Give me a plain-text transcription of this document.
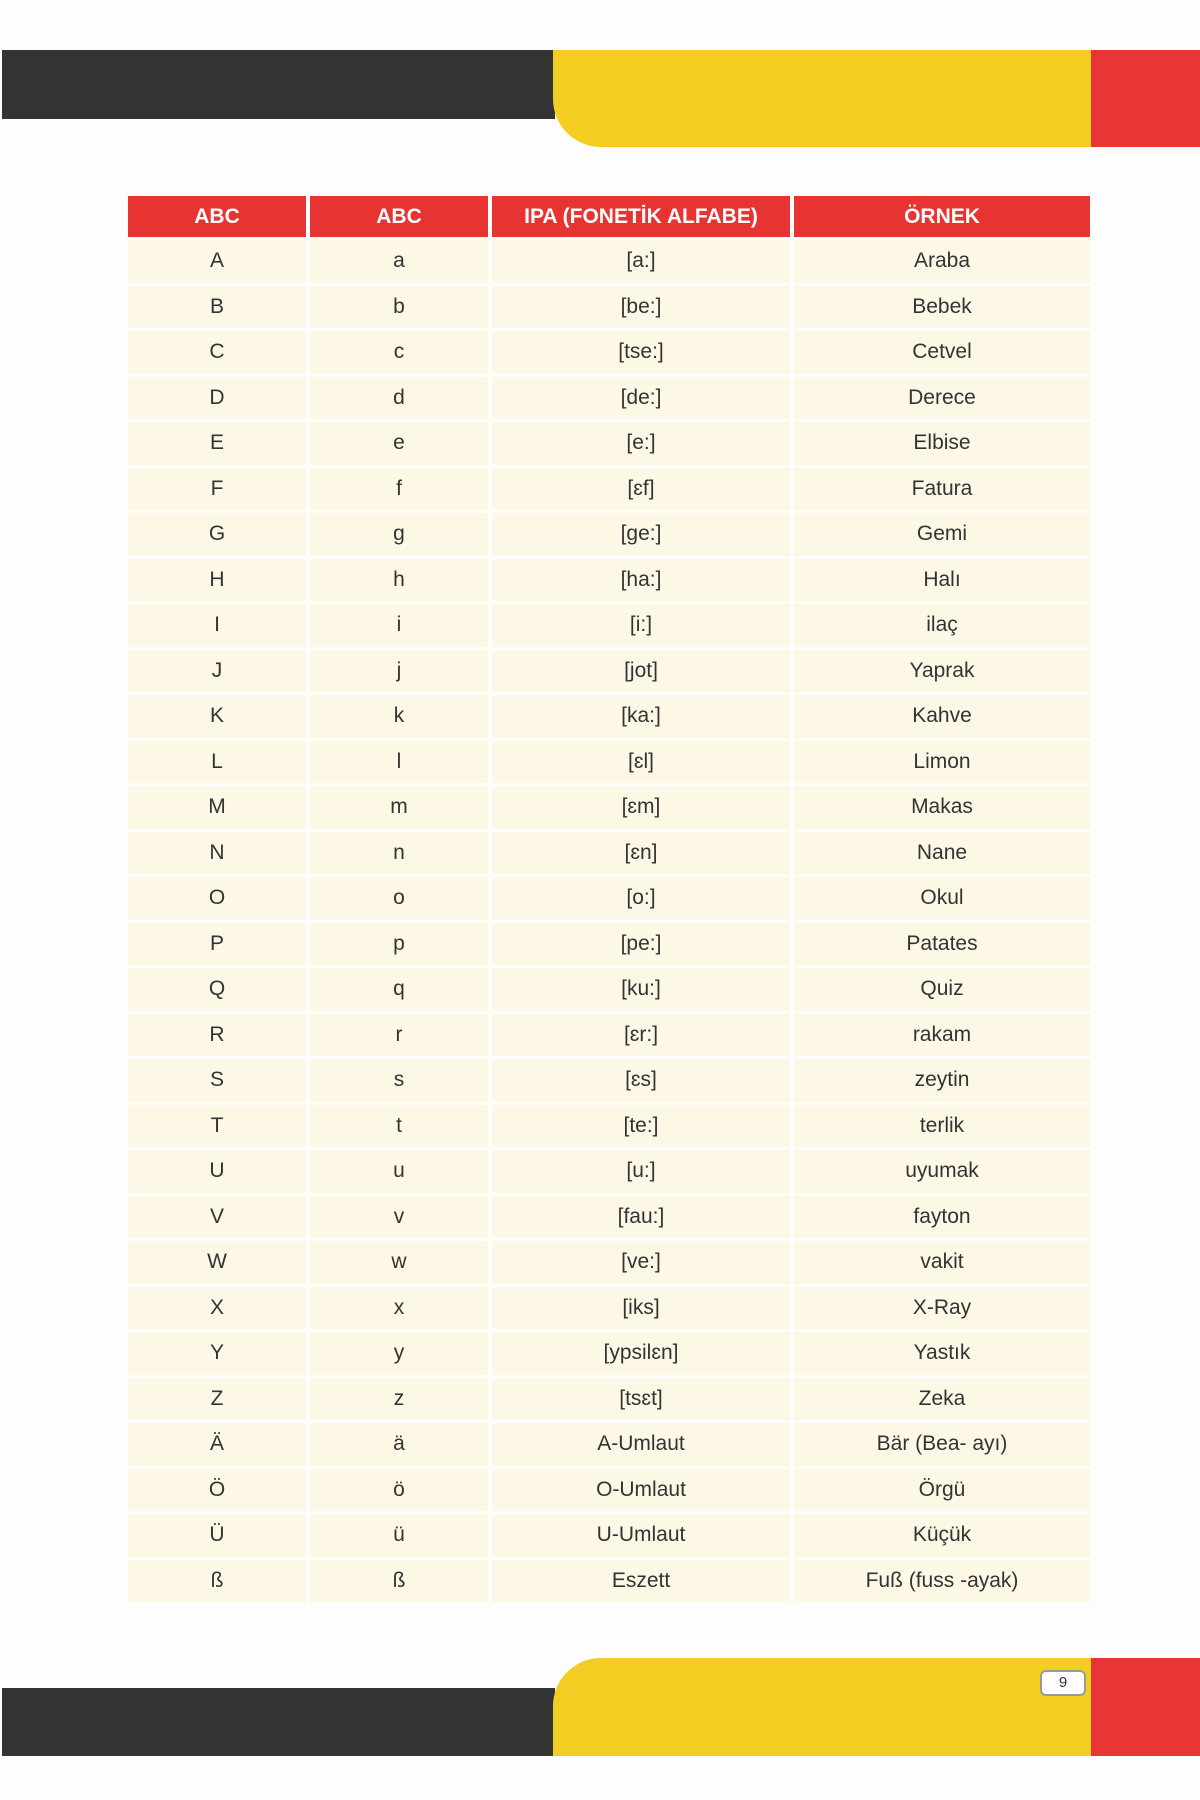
ABC	ABC	IPA (FONETİK ALFABE)	ÖRNEK
A	a	[a:]	Araba
B	b	[be:]	Bebek
C	c	[tse:]	Cetvel
D	d	[de:]	Derece
E	e	[e:]	Elbise
F	f	[ɛf]	Fatura
G	g	[ge:]	Gemi
H	h	[ha:]	Halı
I	i	[i:]	ilaç
J	j	[jot]	Yaprak
K	k	[ka:]	Kahve
L	l	[ɛl]	Limon
M	m	[ɛm]	Makas
N	n	[ɛn]	Nane
O	o	[o:]	Okul
P	p	[pe:]	Patates
Q	q	[ku:]	Quiz
R	r	[ɛr:]	rakam
S	s	[ɛs]	zeytin
T	t	[te:]	terlik
U	u	[u:]	uyumak
V	v	[fau:]	fayton
W	w	[ve:]	vakit
X	x	[iks]	X-Ray
Y	y	[ypsilɛn]	Yastık
Z	z	[tsɛt]	Zeka
Ä	ä	A-Umlaut	Bär (Bea- ayı)
Ö	ö	O-Umlaut	Örgü
Ü	ü	U-Umlaut	Küçük
ß	ß	Eszett	Fuß (fuss -ayak)
9
